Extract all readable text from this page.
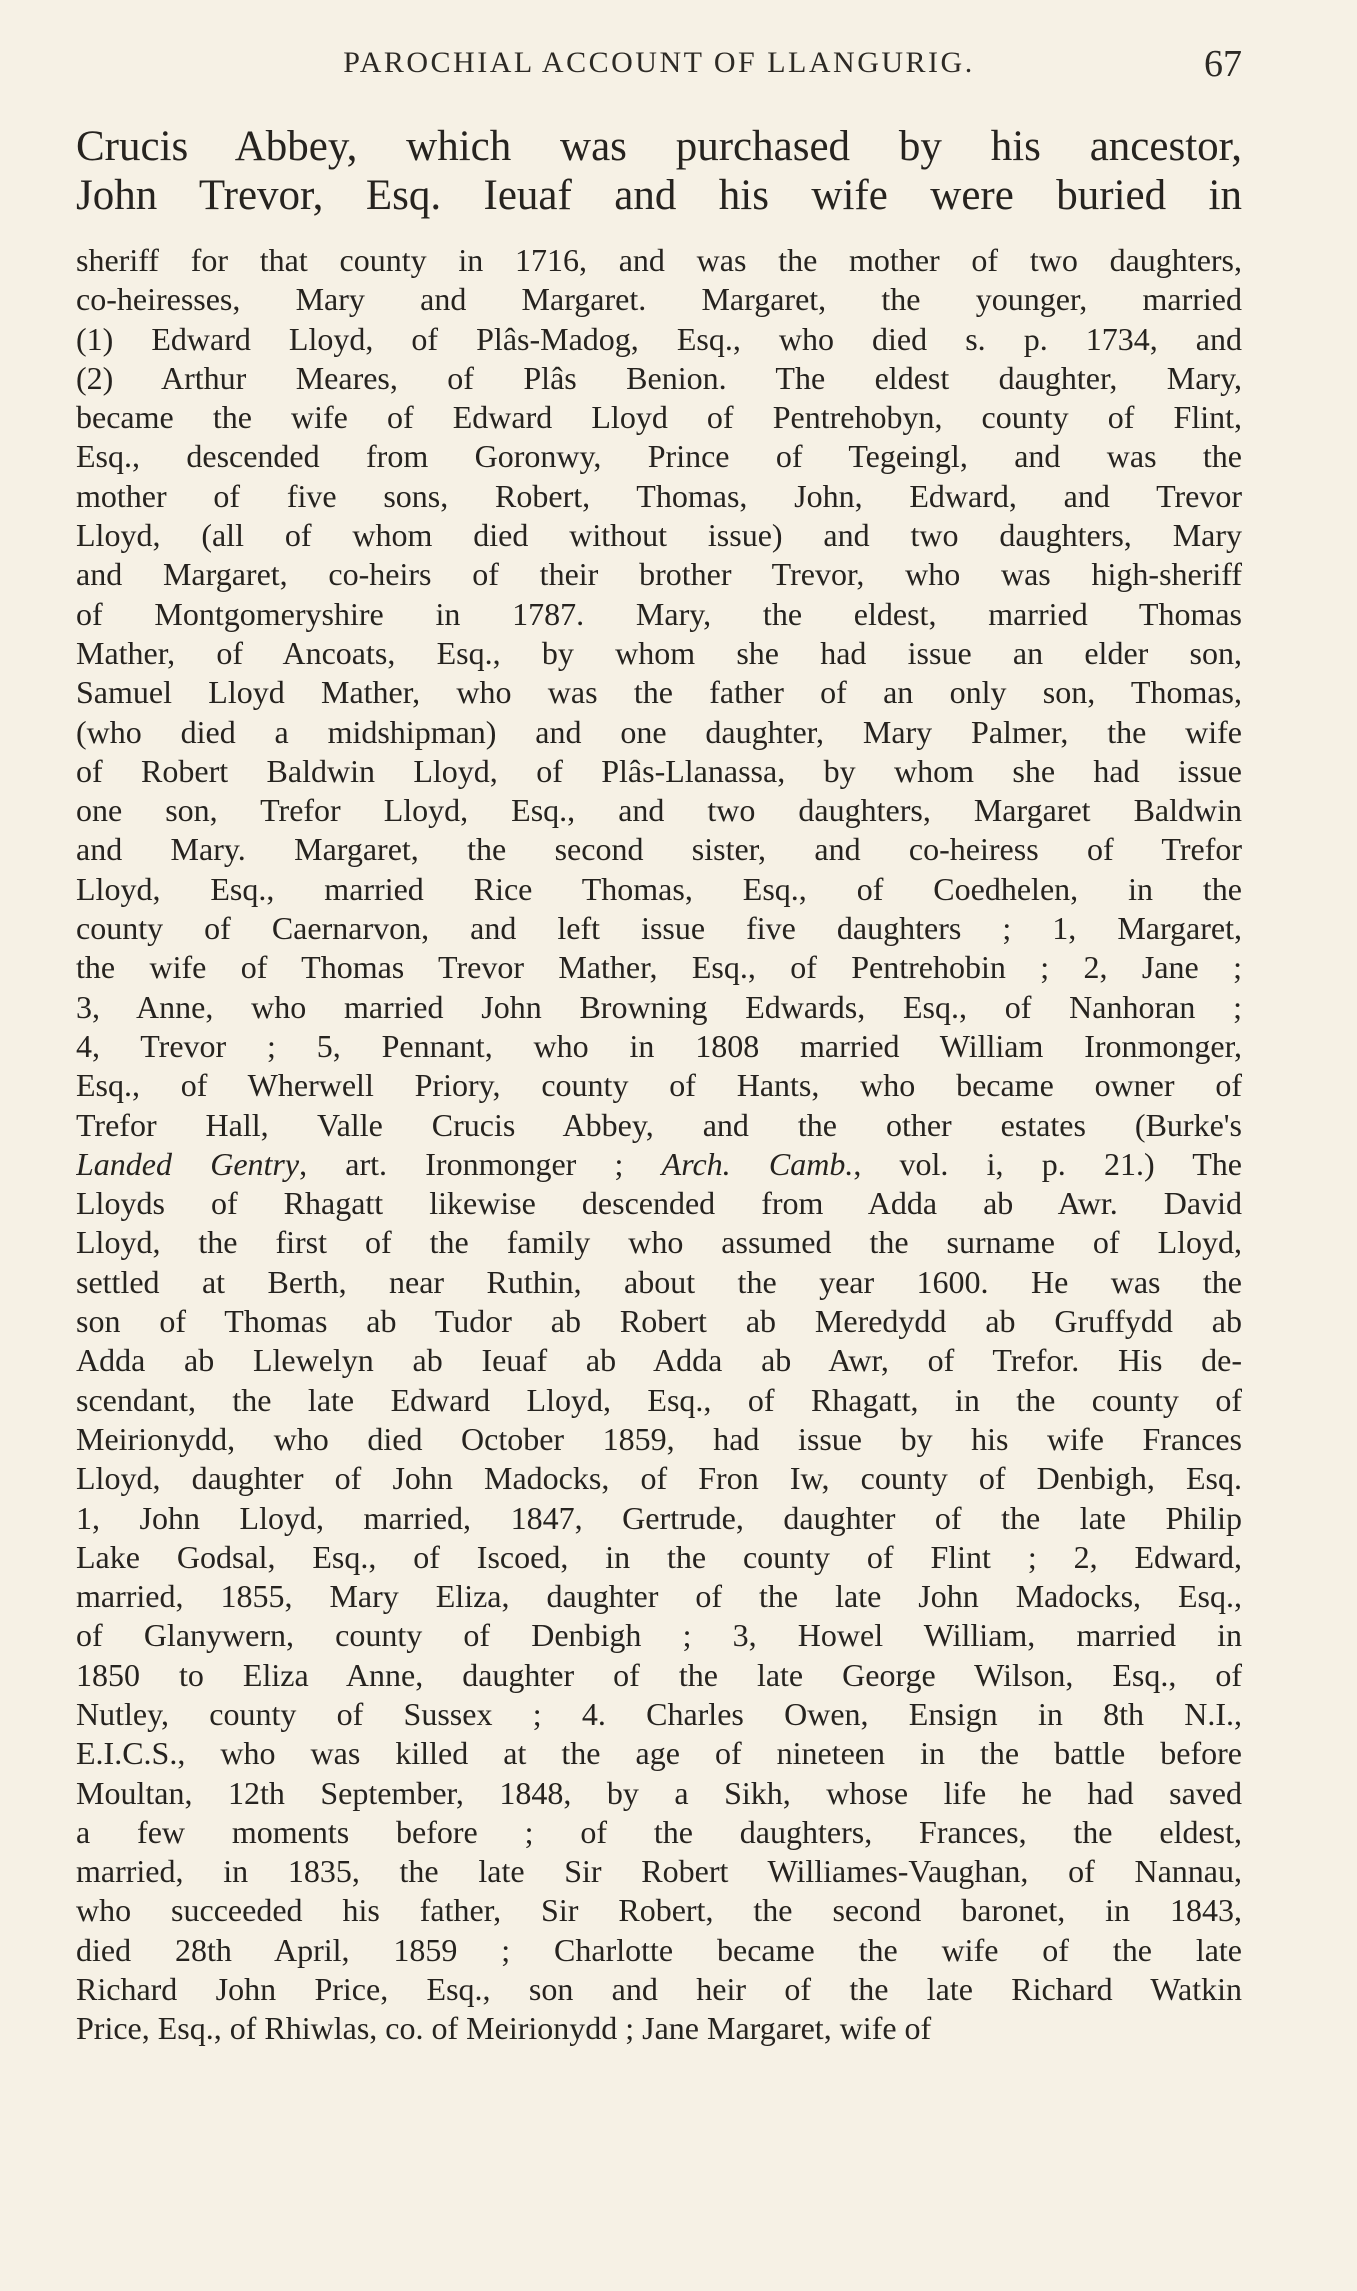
PAROCHIAL ACCOUNT OF LLANGURIG.	67
Crucis Abbey, which was purchased by his ancestor,
John Trevor, Esq. Ieuaf and his wife were buried in
sheriff for that county in 1716, and was the mother of two daughters,
co-heiresses, Mary and Margaret. Margaret, the younger, married
(1) Edward Lloyd, of Plâs-Madog, Esq., who died s. p. 1734, and
(2) Arthur Meares, of Plâs Benion. The eldest daughter, Mary,
became the wife of Edward Lloyd of Pentrehobyn, county of Flint,
Esq., descended from Goronwy, Prince of Tegeingl, and was the
mother of five sons, Robert, Thomas, John, Edward, and Trevor
Lloyd, (all of whom died without issue) and two daughters, Mary
and Margaret, co-heirs of their brother Trevor, who was high-sheriff
of Montgomeryshire in 1787. Mary, the eldest, married Thomas
Mather, of Ancoats, Esq., by whom she had issue an elder son,
Samuel Lloyd Mather, who was the father of an only son, Thomas,
(who died a midshipman) and one daughter, Mary Palmer, the wife
of Robert Baldwin Lloyd, of Plâs-Llanassa, by whom she had issue
one son, Trefor Lloyd, Esq., and two daughters, Margaret Baldwin
and Mary. Margaret, the second sister, and co-heiress of Trefor
Lloyd, Esq., married Rice Thomas, Esq., of Coedhelen, in the
county of Caernarvon, and left issue five daughters ; 1, Margaret,
the wife of Thomas Trevor Mather, Esq., of Pentrehobin ; 2, Jane ;
3, Anne, who married John Browning Edwards, Esq., of Nanhoran ;
4, Trevor ; 5, Pennant, who in 1808 married William Ironmonger,
Esq., of Wherwell Priory, county of Hants, who became owner of
Trefor Hall, Valle Crucis Abbey, and the other estates (Burke's
Landed Gentry, art. Ironmonger ; Arch. Camb., vol. i, p. 21.) The
Lloyds of Rhagatt likewise descended from Adda ab Awr. David
Lloyd, the first of the family who assumed the surname of Lloyd,
settled at Berth, near Ruthin, about the year 1600. He was the
son of Thomas ab Tudor ab Robert ab Meredydd ab Gruffydd ab
Adda ab Llewelyn ab Ieuaf ab Adda ab Awr, of Trefor. His de-
scendant, the late Edward Lloyd, Esq., of Rhagatt, in the county of
Meirionydd, who died October 1859, had issue by his wife Frances
Lloyd, daughter of John Madocks, of Fron Iw, county of Denbigh, Esq.
1, John Lloyd, married, 1847, Gertrude, daughter of the late Philip
Lake Godsal, Esq., of Iscoed, in the county of Flint ; 2, Edward,
married, 1855, Mary Eliza, daughter of the late John Madocks, Esq.,
of Glanywern, county of Denbigh ; 3, Howel William, married in
1850 to Eliza Anne, daughter of the late George Wilson, Esq., of
Nutley, county of Sussex ; 4. Charles Owen, Ensign in 8th N.I.,
E.I.C.S., who was killed at the age of nineteen in the battle before
Moultan, 12th September, 1848, by a Sikh, whose life he had saved
a few moments before ; of the daughters, Frances, the eldest,
married, in 1835, the late Sir Robert Williames-Vaughan, of Nannau,
who succeeded his father, Sir Robert, the second baronet, in 1843,
died 28th April, 1859 ; Charlotte became the wife of the late
Richard John Price, Esq., son and heir of the late Richard Watkin
Price, Esq., of Rhiwlas, co. of Meirionydd ; Jane Margaret, wife of
